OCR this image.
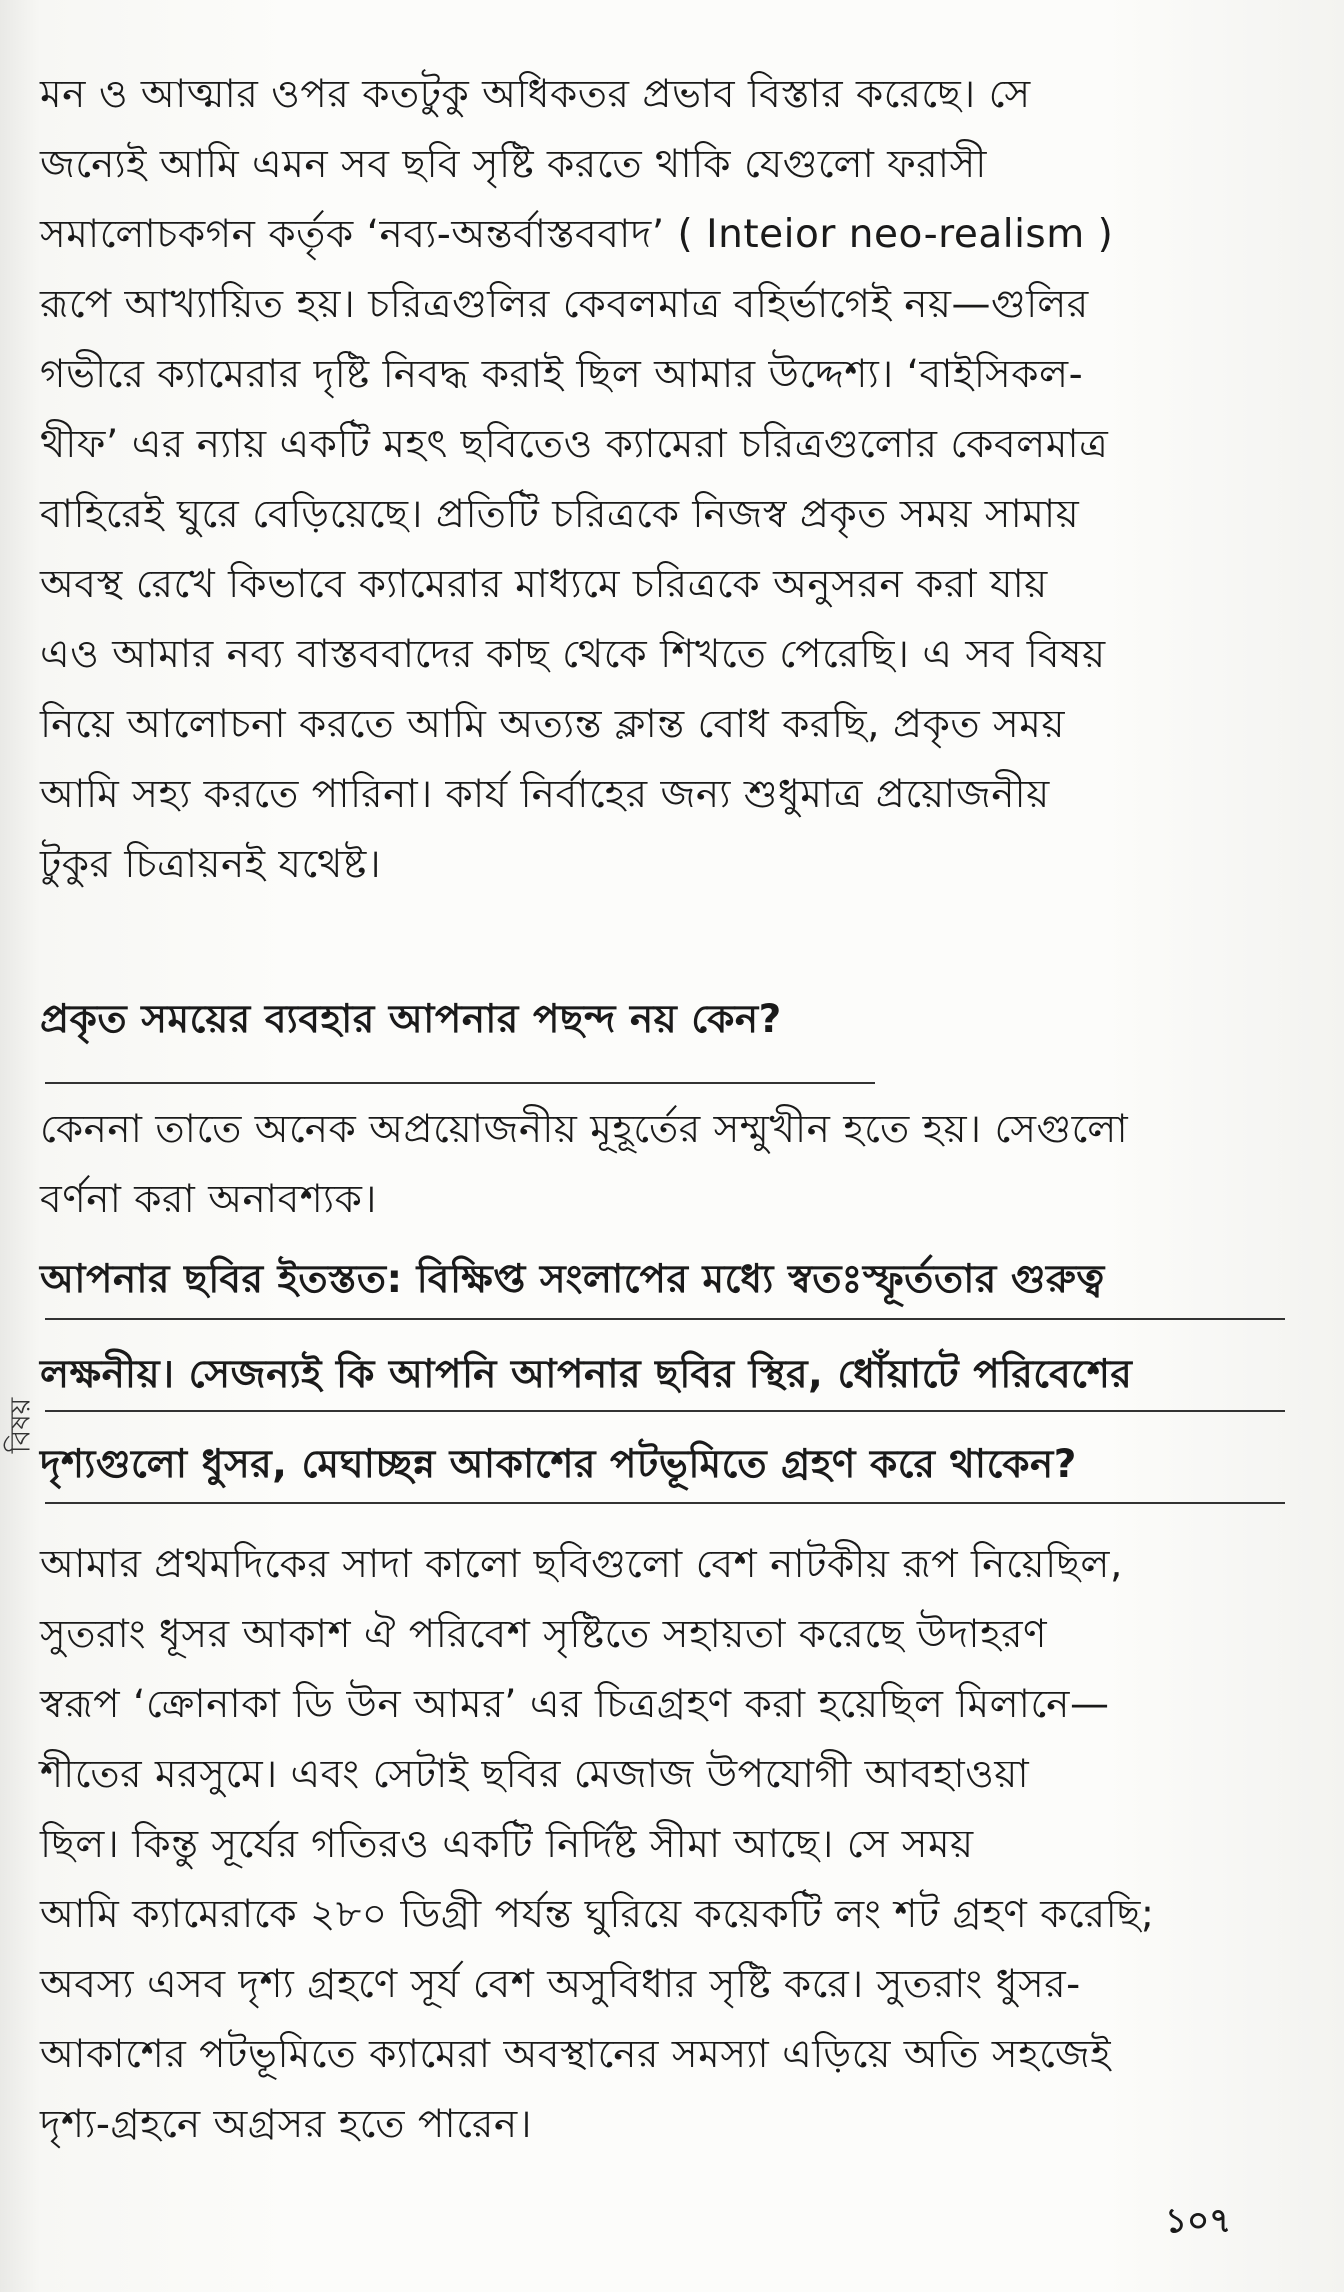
মন ও আত্মার ওপর কতটুকু অধিকতর প্রভাব বিস্তার করেছে। সে
জন্যেই আমি এমন সব ছবি সৃষ্টি করতে থাকি যেগুলো ফরাসী
সমালোচকগন কর্তৃক ‘নব্য-অন্তর্বাস্তববাদ’ ( Inteior neo-realism )
রূপে আখ্যায়িত হয়। চরিত্রগুলির কেবলমাত্র বহির্ভাগেই নয়—গুলির
গভীরে ক্যামেরার দৃষ্টি নিবদ্ধ করাই ছিল আমার উদ্দেশ্য। ‘বাইসিকল-
থীফ’ এর ন্যায় একটি মহৎ ছবিতেও ক্যামেরা চরিত্রগুলোর কেবলমাত্র
বাহিরেই ঘুরে বেড়িয়েছে। প্রতিটি চরিত্রকে নিজস্ব প্রকৃত সময় সামায়
অবস্থ রেখে কিভাবে ক্যামেরার মাধ্যমে চরিত্রকে অনুসরন করা যায়
এও আমার নব্য বাস্তববাদের কাছ থেকে শিখতে পেরেছি। এ সব বিষয়
নিয়ে আলোচনা করতে আমি অত্যন্ত ক্লান্ত বোধ করছি, প্রকৃত সময়
আমি সহ্য করতে পারিনা। কার্য নির্বাহের জন্য শুধুমাত্র প্রয়োজনীয়
টুকুর চিত্রায়নই যথেষ্ট।
প্রকৃত সময়ের ব্যবহার আপনার পছন্দ নয় কেন?
কেননা তাতে অনেক অপ্রয়োজনীয় মূহূর্তের সম্মুখীন হতে হয়। সেগুলো
বর্ণনা করা অনাবশ্যক।
আপনার ছবির ইতস্তত: বিক্ষিপ্ত সংলাপের মধ্যে স্বতঃস্ফূর্ততার গুরুত্ব
লক্ষনীয়। সেজন্যই কি আপনি আপনার ছবির স্থির, ধোঁয়াটে পরিবেশের
দৃশ্যগুলো ধুসর, মেঘাচ্ছন্ন আকাশের পটভূমিতে গ্রহণ করে থাকেন?
আমার প্রথমদিকের সাদা কালো ছবিগুলো বেশ নাটকীয় রূপ নিয়েছিল,
সুতরাং ধূসর আকাশ ঐ পরিবেশ সৃষ্টিতে সহায়তা করেছে উদাহরণ
স্বরূপ ‘ক্রোনাকা ডি উন আমর’ এর চিত্রগ্রহণ করা হয়েছিল মিলানে—
শীতের মরসুমে। এবং সেটাই ছবির মেজাজ উপযোগী আবহাওয়া
ছিল। কিন্তু সূর্যের গতিরও একটি নির্দিষ্ট সীমা আছে। সে সময়
আমি ক্যামেরাকে ২৮০ ডিগ্রী পর্যন্ত ঘুরিয়ে কয়েকটি লং শট গ্রহণ করেছি;
অবস্য এসব দৃশ্য গ্রহণে সূর্য বেশ অসুবিধার সৃষ্টি করে। সুতরাং ধুসর-
আকাশের পটভূমিতে ক্যামেরা অবস্থানের সমস্যা এড়িয়ে অতি সহজেই
দৃশ্য-গ্রহনে অগ্রসর হতে পারেন।
বিষয়
১০৭
